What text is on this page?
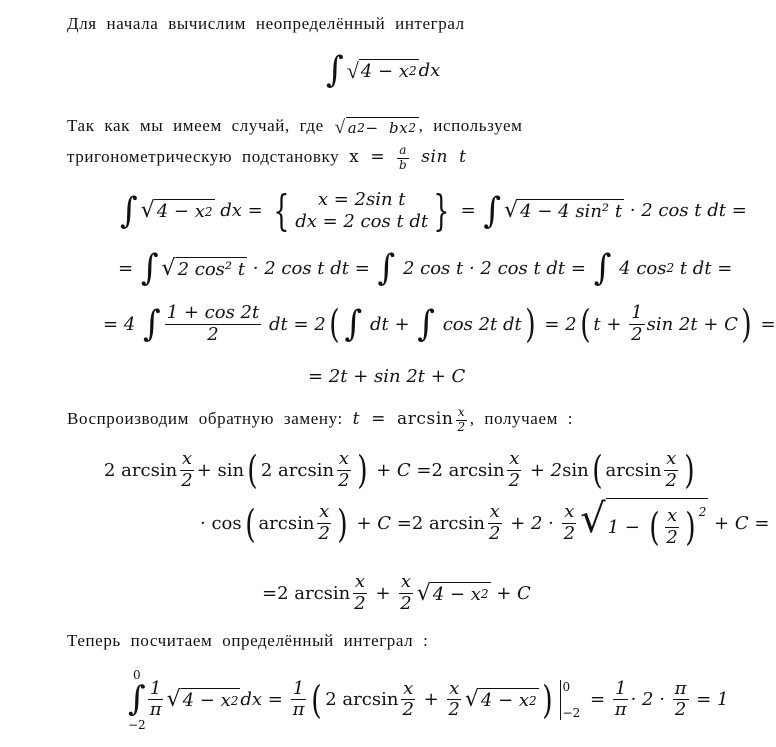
Для начала вычислим неопределённый интеграл
∫ √ 4 − x 2 dx
Так как мы имеем случай, где √ a 2 − bx 2 , используем
тригонометрическую подстановку $x = \frac{a}{b}$ sin t
∫ √ 4 − x 2 dx = { x = 2sin t
dx = 2 cos t dt } = ∫ √ 4 − 4 sin² t · 2 cos t dt =
= ∫ √ 2 cos² t · 2 cos t dt = ∫ 2 cos t · 2 cos t dt = ∫ 4 cos 2 t dt =
= 4 ∫ $\frac{1 + \cos 2t}{2}$ dt = 2 ( ∫ dt + ∫ cos 2t dt ) = 2 ( $t + \frac{1}{2}$ sin 2t + C ) =
= 2t + sin 2t + C
Воспроизводим обратную замену: $t = \arcsin \frac{x}{2}$ , получаем :
2 $\arcsin \frac{x}{2} + \sin$ ( 2 $\arcsin \frac{x}{2}$ ) + C = 2 $\arcsin \frac{x}{2} + 2$ sin ( $\arcsin \frac{x}{2}$ )
· cos ( $\arcsin \frac{x}{2}$ ) + C = 2 $\arcsin \frac{x}{2} + 2 \cdot \frac{x}{2}$ √ 1 − ( $\frac{x}{2}$ ) $^2$
+ C =
= 2 $\arcsin \frac{x}{2} + \frac{x}{2}$ √ 4 − x 2 + C
Теперь посчитаем определённый интеграл :
0
∫
−2
$\frac{1}{\pi}$ √ 4 − x 2 dx = $\frac{1}{\pi}$ ( 2 $\arcsin \frac{x}{2} + \frac{x}{2}$ √ 4 − x 2 ) 0
−2
= $\frac{1}{\pi} \cdot 2 \cdot \frac{\pi}{2} = 1$
